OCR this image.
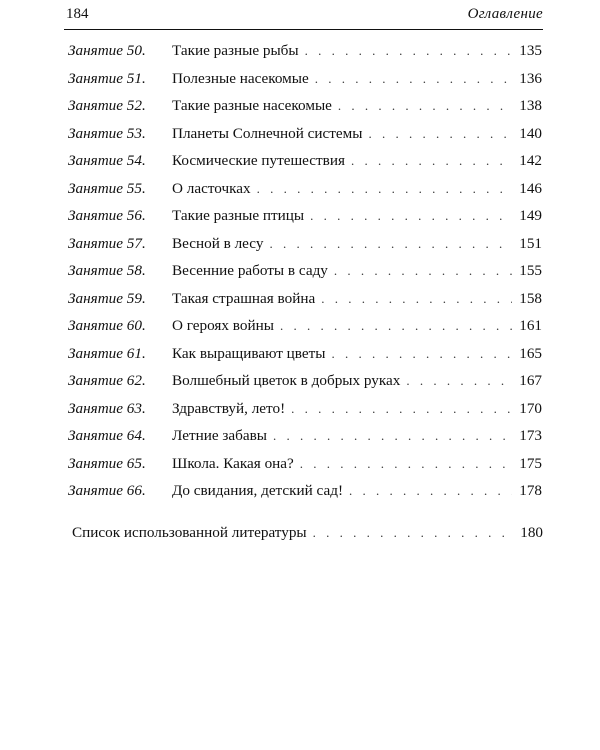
184	Оглавление
Занятие 50.	Такие разные рыбы . . .	135
Занятие 51.	Полезные насекомые . . .	136
Занятие 52.	Такие разные насекомые . . .	138
Занятие 53.	Планеты Солнечной системы . . .	140
Занятие 54.	Космические путешествия . . .	142
Занятие 55.	О ласточках . . .	146
Занятие 56.	Такие разные птицы . . .	149
Занятие 57.	Весной в лесу . . .	151
Занятие 58.	Весенние работы в саду . . .	155
Занятие 59.	Такая страшная война . . .	158
Занятие 60.	О героях войны . . .	161
Занятие 61.	Как выращивают цветы . . .	165
Занятие 62.	Волшебный цветок в добрых руках . . .	167
Занятие 63.	Здравствуй, лето! . . .	170
Занятие 64.	Летние забавы . . .	173
Занятие 65.	Школа. Какая она? . . .	175
Занятие 66.	До свидания, детский сад! . . .	178
Список использованной литературы . . .	180
